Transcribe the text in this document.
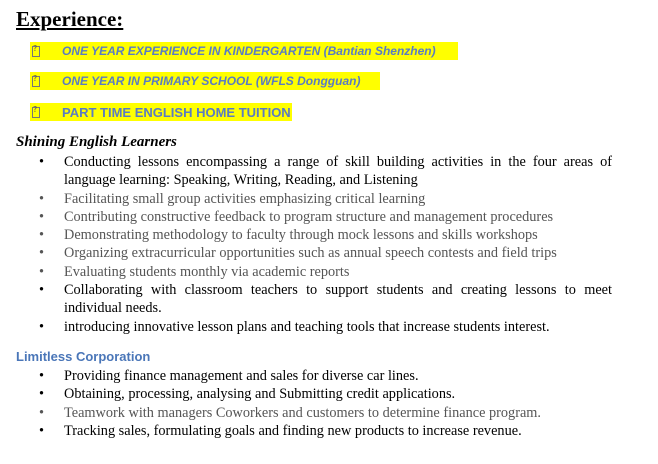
Experience:
?
ONE YEAR EXPERIENCE IN KINDERGARTEN (Bantian Shenzhen)
?
ONE YEAR IN PRIMARY SCHOOL (WFLS Dongguan)
?
PART TIME ENGLISH HOME TUITION
Shining English Learners
• Conducting lessons encompassing a range of skill building activities in the four areas of language learning: Speaking, Writing, Reading, and Listening
• Facilitating small group activities emphasizing critical learning
• Contributing constructive feedback to program structure and management procedures
• Demonstrating methodology to faculty through mock lessons and skills workshops
• Organizing extracurricular opportunities such as annual speech contests and field trips
• Evaluating students monthly via academic reports
• Collaborating with classroom teachers to support students and creating lessons to meet individual needs.
• introducing innovative lesson plans and teaching tools that increase students interest.
Limitless Corporation
• Providing finance management and sales for diverse car lines.
• Obtaining, processing, analysing and Submitting credit applications.
• Teamwork with managers Coworkers and customers to determine finance program.
• Tracking sales, formulating goals and finding new products to increase revenue.
